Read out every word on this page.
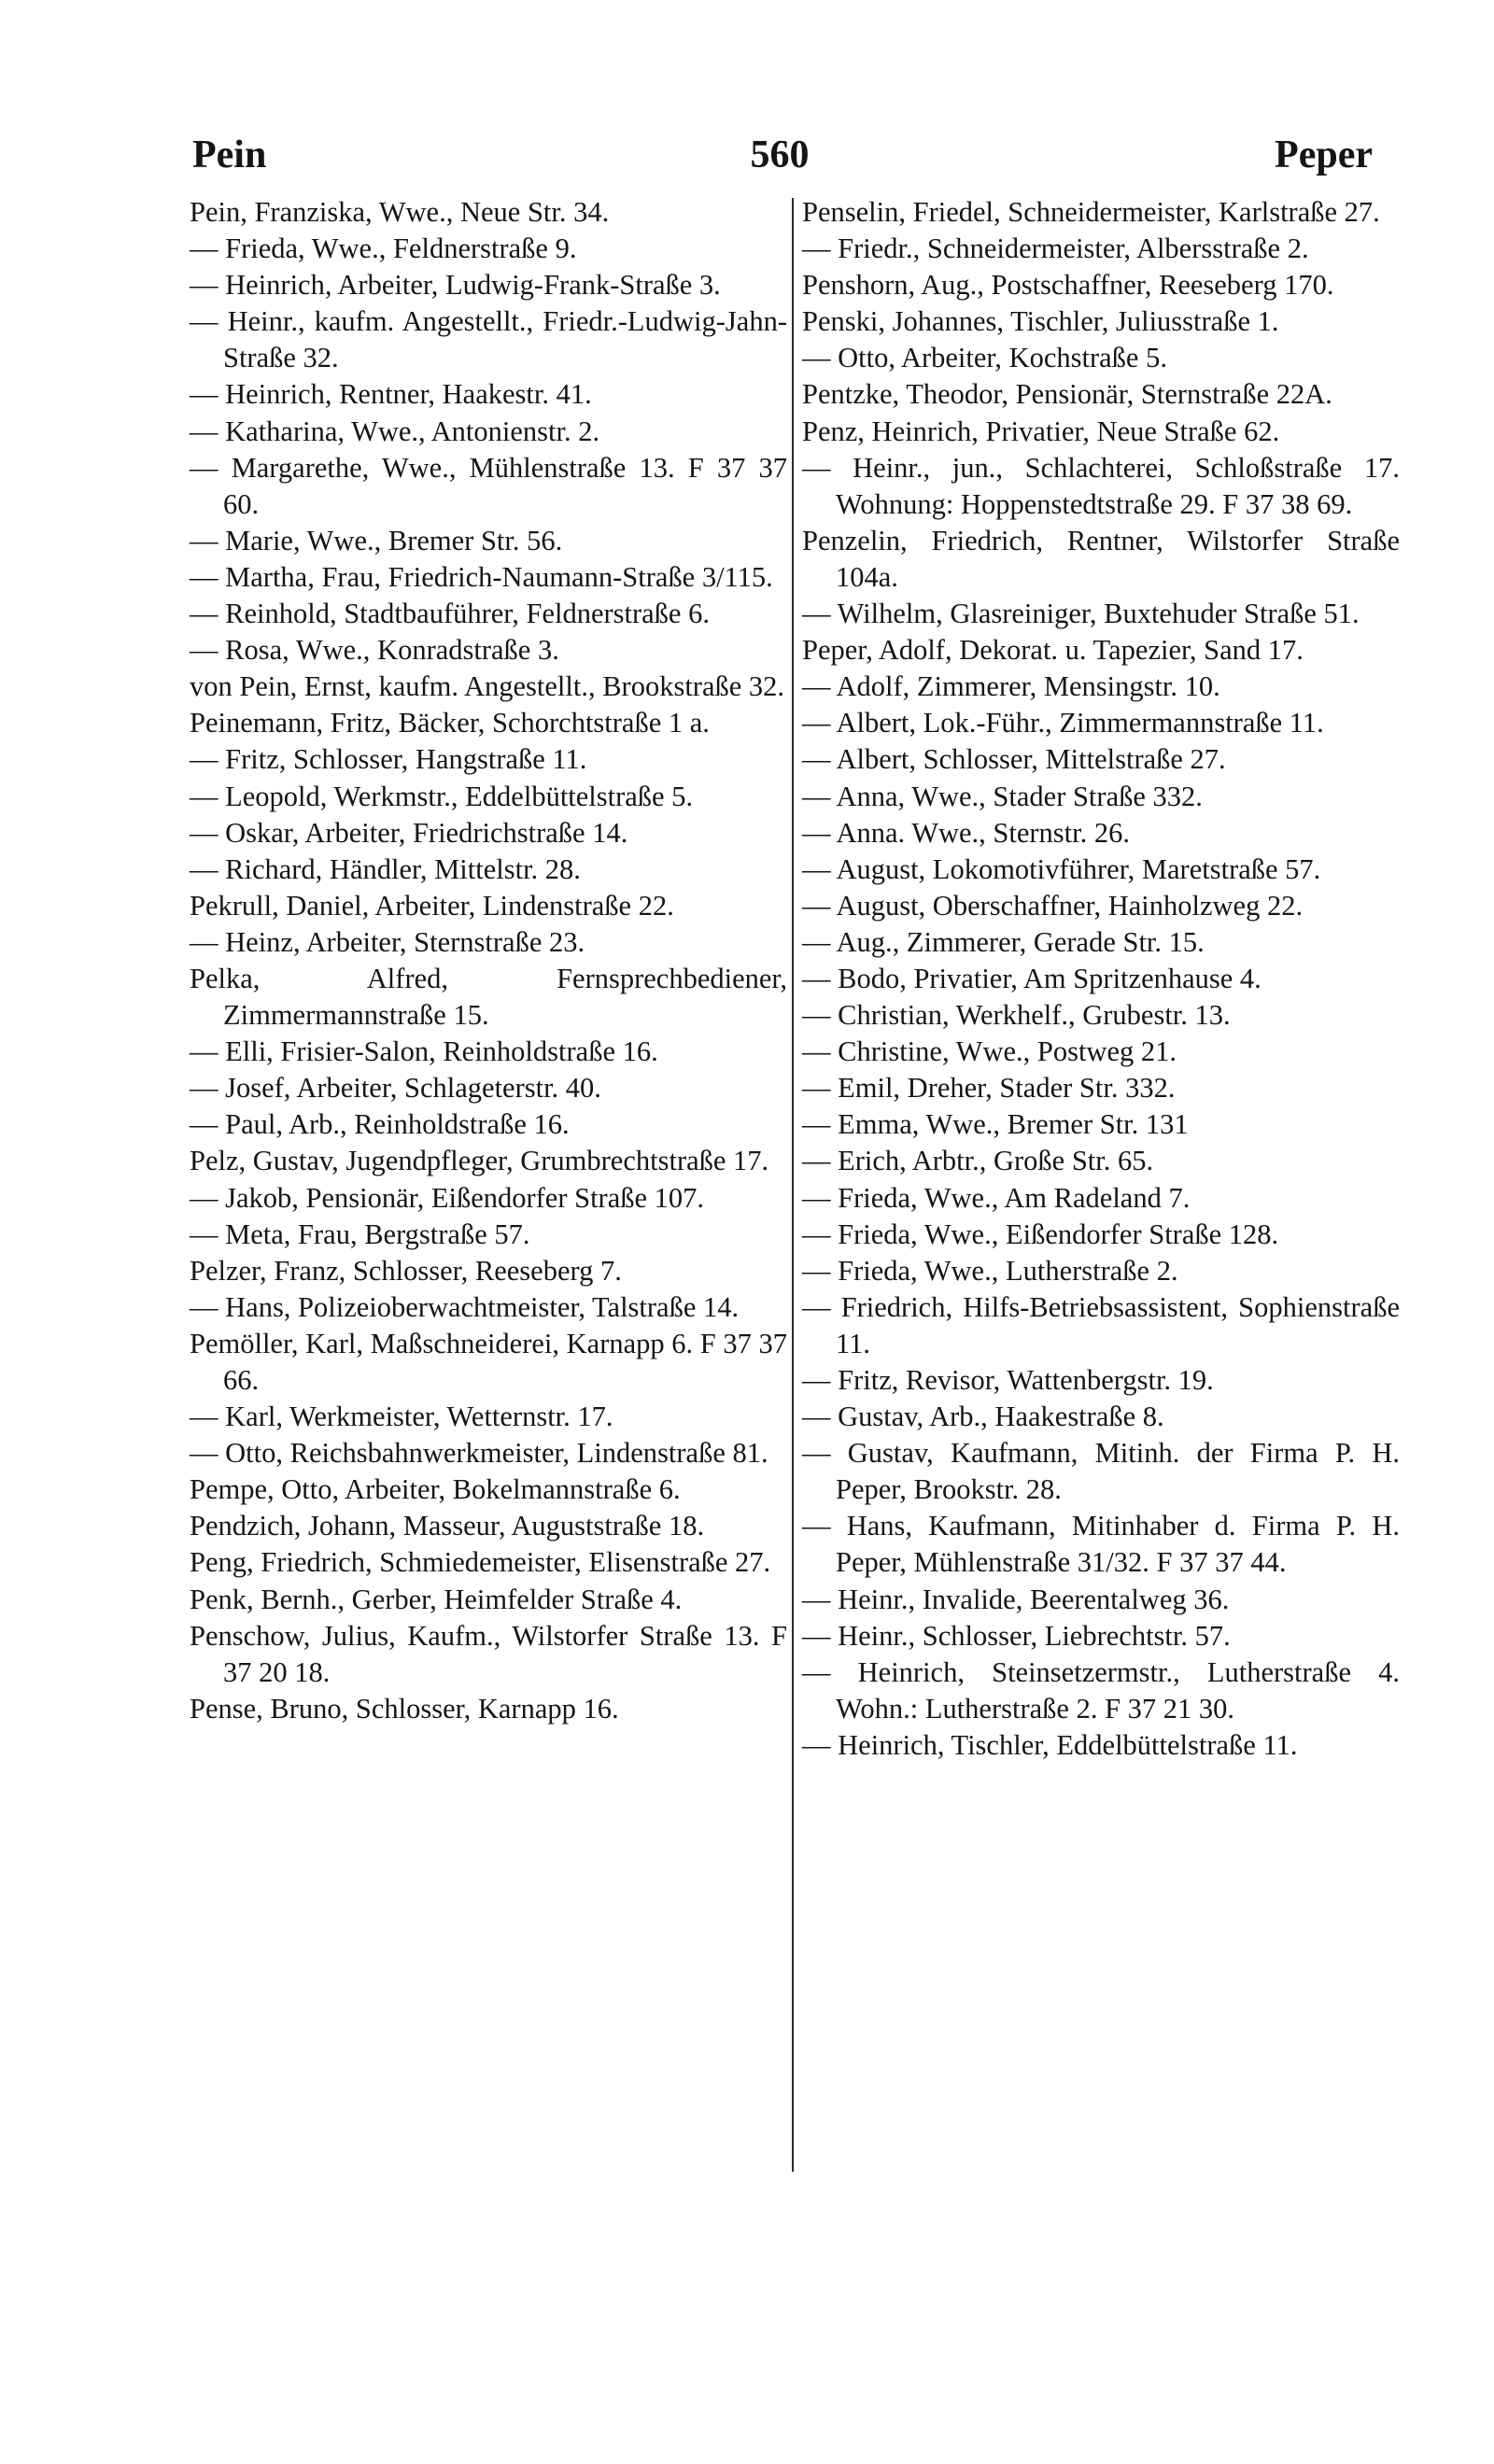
Pein	560	Peper

Pein, Franziska, Wwe., Neue Str. 34.

— Frieda, Wwe., Feldnerstraße 9.

— Heinrich, Arbeiter, Ludwig-Frank-Straße 3.

— Heinr., kaufm. Angestellt., Friedr.-Ludwig-Jahn-Straße 32.

— Heinrich, Rentner, Haakestr. 41.

— Katharina, Wwe., Antonienstr. 2.

— Margarethe, Wwe., Mühlenstraße 13. F 37 37 60.

— Marie, Wwe., Bremer Str. 56.

— Martha, Frau, Friedrich-Naumann-Straße 3/115.

— Reinhold, Stadtbauführer, Feldnerstraße 6.

— Rosa, Wwe., Konradstraße 3.

von Pein, Ernst, kaufm. Angestellt., Brookstraße 32.

Peinemann, Fritz, Bäcker, Schorchtstraße 1 a.

— Fritz, Schlosser, Hangstraße 11.

— Leopold, Werkmstr., Eddelbüttelstraße 5.

— Oskar, Arbeiter, Friedrichstraße 14.

— Richard, Händler, Mittelstr. 28.

Pekrull, Daniel, Arbeiter, Lindenstraße 22.

— Heinz, Arbeiter, Sternstraße 23.

Pelka, Alfred, Fernsprechbediener, Zimmermannstraße 15.

— Elli, Frisier-Salon, Reinholdstraße 16.

— Josef, Arbeiter, Schlageterstr. 40.

— Paul, Arb., Reinholdstraße 16.

Pelz, Gustav, Jugendpfleger, Grumbrechtstraße 17.

— Jakob, Pensionär, Eißendorfer Straße 107.

— Meta, Frau, Bergstraße 57.

Pelzer, Franz, Schlosser, Reeseberg 7.

— Hans, Polizeioberwachtmeister, Talstraße 14.

Pemöller, Karl, Maßschneiderei, Karnapp 6. F 37 37 66.

— Karl, Werkmeister, Wetternstr. 17.

— Otto, Reichsbahnwerkmeister, Lindenstraße 81.

Pempe, Otto, Arbeiter, Bokelmannstraße 6.

Pendzich, Johann, Masseur, Auguststraße 18.

Peng, Friedrich, Schmiedemeister, Elisenstraße 27.

Penk, Bernh., Gerber, Heimfelder Straße 4.

Penschow, Julius, Kaufm., Wilstorfer Straße 13. F 37 20 18.

Pense, Bruno, Schlosser, Karnapp 16.

Penselin, Friedel, Schneidermeister, Karlstraße 27.

— Friedr., Schneidermeister, Albersstraße 2.

Penshorn, Aug., Postschaffner, Reeseberg 170.

Penski, Johannes, Tischler, Juliusstraße 1.

— Otto, Arbeiter, Kochstraße 5.

Pentzke, Theodor, Pensionär, Sternstraße 22A.

Penz, Heinrich, Privatier, Neue Straße 62.

— Heinr., jun., Schlachterei, Schloßstraße 17. Wohnung: Hoppenstedtstraße 29. F 37 38 69.

Penzelin, Friedrich, Rentner, Wilstorfer Straße 104a.

— Wilhelm, Glasreiniger, Buxtehuder Straße 51.

Peper, Adolf, Dekorat. u. Tapezier, Sand 17.

— Adolf, Zimmerer, Mensingstr. 10.

— Albert, Lok.-Führ., Zimmermannstraße 11.

— Albert, Schlosser, Mittelstraße 27.

— Anna, Wwe., Stader Straße 332.

— Anna. Wwe., Sternstr. 26.

— August, Lokomotivführer, Maretstraße 57.

— August, Oberschaffner, Hainholzweg 22.

— Aug., Zimmerer, Gerade Str. 15.

— Bodo, Privatier, Am Spritzenhause 4.

— Christian, Werkhelf., Grubestr. 13.

— Christine, Wwe., Postweg 21.

— Emil, Dreher, Stader Str. 332.

— Emma, Wwe., Bremer Str. 131

— Erich, Arbtr., Große Str. 65.

— Frieda, Wwe., Am Radeland 7.

— Frieda, Wwe., Eißendorfer Straße 128.

— Frieda, Wwe., Lutherstraße 2.

— Friedrich, Hilfs-Betriebsassistent, Sophienstraße 11.

— Fritz, Revisor, Wattenbergstr. 19.

— Gustav, Arb., Haakestraße 8.

— Gustav, Kaufmann, Mitinh. der Firma P. H. Peper, Brookstr. 28.

— Hans, Kaufmann, Mitinhaber d. Firma P. H. Peper, Mühlenstraße 31/32. F 37 37 44.

— Heinr., Invalide, Beerentalweg 36.

— Heinr., Schlosser, Liebrechtstr. 57.

— Heinrich, Steinsetzermstr., Lutherstraße 4. Wohn.: Lutherstraße 2. F 37 21 30.

— Heinrich, Tischler, Eddelbüttelstraße 11.
